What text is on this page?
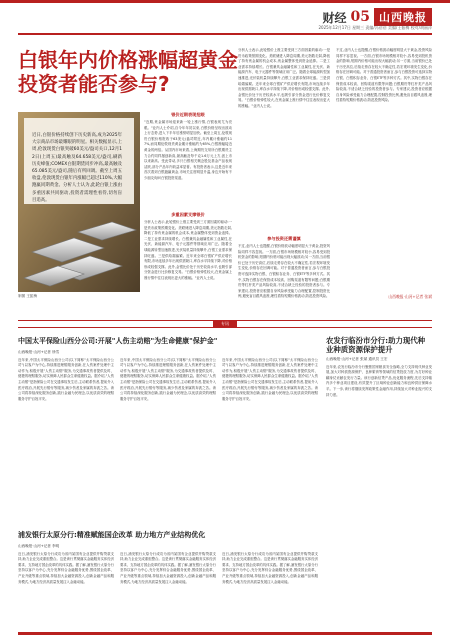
财经 05 山西晚报
2025年12月17日 星期三 责编/冯蓓蓓 美编/王振梅 校对/胡丽萍
白银年内价格涨幅超黄金
投资者能否参与?
近日,白银价格持续创下历史新高,成为2025年大宗商品市场最耀眼的明星。相关数据显示,上周,伦敦现货白银突破60美元/盎司关口,12月12日(上周五)最高触及64.658美元/盎司,刷新历史峰值;COMEX白银期货同步冲高,最高触及65.085美元/盎司,随后有所回调。截至上周五收盘,伦敦现货白银年内涨幅已超过110%,大幅跑赢同期黄金。分析人士认为,此轮白银上涨由多重因素共同驱动,投资者需理性看待,切勿盲目追高。
制图 王振梅
银价近期表现抢眼
"近期,贵金属市场迎来新一轮上涨行情,白银表现尤为亮眼。"业内人士介绍,自今年年初以来,白银价格呈现出波动上行态势,进入下半年后涨势明显加快。截至上周五,伦敦现货白银价格报收于63美元/盎司附近,年内累计涨幅约117%,而同期伦敦现货黄金累计涨幅约为65%,白银涨幅接近黄金的两倍。从国内市场来看,上海期货交易所白银期货主力合约同样屡创新高,最高触及每千克1.6万元上方,创上市以来新高。受此带动,多只白银相关概念股及基金产品表现活跃,部分产品年内收益率显著。有投资者表示,这是近年来首次看到白银跑赢黄金,市场关注度明显升温,身边开始有不少朋友询问白银投资渠道。
多重因素支撑银价
分析人士表示,此轮银价上涨主要受到三方面因素的驱动:一是货币政策预期变化。美联储进入降息周期,美元指数走弱,降低了持有贵金属的机会成本,贵金属整体受到资金追捧。二是工业需求持续增长。白银兼具金融属性和工业属性,在光伏、新能源汽车、电子元器件等领域应用广泛。随着全球能源转型加速推进,光伏装机量持续攀升,白银工业需求保持旺盛。三是供给端偏紧。近年来全球白银矿产供应增长有限,市场连续多年出现供需缺口,库存水平持续下降,对价格形成较强支撑。此外,金银比价处于历史较高水平,也吸引部分资金进行比价修复交易。"白银价格弹性较大,在贵金属上涨行情中往往表现出更大的涨幅。"业内人士说。
分析人士表示,此轮银价上涨主要受到三方面因素的驱动:一是货币政策预期变化。美联储进入降息周期,美元指数走弱,降低了持有贵金属的机会成本,贵金属整体受到资金追捧。二是工业需求持续增长。白银兼具金融属性和工业属性,在光伏、新能源汽车、电子元器件等领域应用广泛。随着全球能源转型加速推进,光伏装机量持续攀升,白银工业需求保持旺盛。三是供给端偏紧。近年来全球白银矿产供应增长有限,市场连续多年出现供需缺口,库存水平持续下降,对价格形成较强支撑。此外,金银比价处于历史较高水平,也吸引部分资金进行比价修复交易。"白银价格弹性较大,在贵金属上涨行情中往往表现出更大的涨幅。"业内人士说。
参与投资还需谨慎
不过,业内人士也提醒,白银价格波动幅度明显大于黄金,投资风险同样不容忽视。一方面,白银市场规模相对较小,容易受到投机资金的影响,短期内价格可能出现大幅波动;另一方面,当前银价已处于历史高位,后续走势存在较大不确定性,若宏观环境发生变化,价格存在回调可能。对于普通投资者而言,参与白银投资可选择实物白银、白银积存业务、白银ETF等多种方式。其中,实物白银存在保管成本较高、回购渠道有限等问题;白银期货等杠杆类产品风险较高,不适合缺乏经验的投资者参与。专家建议,投资者应根据自身风险承受能力合理配置,控制投资比例,避免盲目跟风追涨,理性看待短期价格波动,防范投资风险。
不过,业内人士也提醒,白银价格波动幅度明显大于黄金,投资风险同样不容忽视。一方面,白银市场规模相对较小,容易受到投机资金的影响,短期内价格可能出现大幅波动;另一方面,当前银价已处于历史高位,后续走势存在较大不确定性,若宏观环境发生变化,价格存在回调可能。对于普通投资者而言,参与白银投资可选择实物白银、白银积存业务、白银ETF等多种方式。其中,实物白银存在保管成本较高、回购渠道有限等问题;白银期货等杠杆类产品风险较高,不适合缺乏经验的投资者参与。专家建议,投资者应根据自身风险承受能力合理配置,控制投资比例,避免盲目跟风追涨,理性看待短期价格波动,防范投资风险。
山西晚报·山河+记者 张斌
专讯
中国太平保险山西分公司:开展"人伤主动赔"为生命健康"保护金"
山西晚报·山河+记者 徐雪
近年来,中国太平保险山西分公司(以下简称"太平保险山西分公司")以客户为中心,持续推进理赔服务创新,在人伤案件处理中主动作为,积极开展"人伤主动赔"服务,为交通事故伤者提供及时、便捷的理赔服务,切实保障人民群众生命健康权益。据介绍,"人伤主动赔"是指保险公司在交通事故发生后,主动联系伤者,提前介入医疗救治,开展先行赔付等服务,减少伤者及家属的奔波之苦。该公司将持续深化服务创新,践行金融为民理念,以优质高效的理赔服务守护百姓平安。
近年来,中国太平保险山西分公司(以下简称"太平保险山西分公司")以客户为中心,持续推进理赔服务创新,在人伤案件处理中主动作为,积极开展"人伤主动赔"服务,为交通事故伤者提供及时、便捷的理赔服务,切实保障人民群众生命健康权益。据介绍,"人伤主动赔"是指保险公司在交通事故发生后,主动联系伤者,提前介入医疗救治,开展先行赔付等服务,减少伤者及家属的奔波之苦。该公司将持续深化服务创新,践行金融为民理念,以优质高效的理赔服务守护百姓平安。
近年来,中国太平保险山西分公司(以下简称"太平保险山西分公司")以客户为中心,持续推进理赔服务创新,在人伤案件处理中主动作为,积极开展"人伤主动赔"服务,为交通事故伤者提供及时、便捷的理赔服务,切实保障人民群众生命健康权益。据介绍,"人伤主动赔"是指保险公司在交通事故发生后,主动联系伤者,提前介入医疗救治,开展先行赔付等服务,减少伤者及家属的奔波之苦。该公司将持续深化服务创新,践行金融为民理念,以优质高效的理赔服务守护百姓平安。
浦发银行太原分行:精准赋能国企改革 助力地方产业结构优化
山西晚报·山河+记者 李明
近日,浦发银行太原分行成功为省内某国有企业提供并购贷款支持,助力企业完成重组整合。这是该行贯彻落实金融服务实体经济要求、支持地方国企改革的具体实践。据了解,浦发银行太原分行坚持以客户为中心,充分发挥综合金融服务优势,围绕国企改革、产业升级等重点领域,持续加大金融资源投入,创新金融产品和服务模式,为地方经济高质量发展注入金融动能。
近日,浦发银行太原分行成功为省内某国有企业提供并购贷款支持,助力企业完成重组整合。这是该行贯彻落实金融服务实体经济要求、支持地方国企改革的具体实践。据了解,浦发银行太原分行坚持以客户为中心,充分发挥综合金融服务优势,围绕国企改革、产业升级等重点领域,持续加大金融资源投入,创新金融产品和服务模式,为地方经济高质量发展注入金融动能。
近日,浦发银行太原分行成功为省内某国有企业提供并购贷款支持,助力企业完成重组整合。这是该行贯彻落实金融服务实体经济要求、支持地方国企改革的具体实践。据了解,浦发银行太原分行坚持以客户为中心,充分发挥综合金融服务优势,围绕国企改革、产业升级等重点领域,持续加大金融资源投入,创新金融产品和服务模式,为地方经济高质量发展注入金融动能。
农发行临汾市分行:助力现代种业种质资源保护提升
山西晚报·山河+记者 张斌 通讯员 王宏
近年来,农发行临汾市分行聚焦国家粮食安全战略,全力支持现代种业发展,加大对种质资源保护、良种繁育等领域的信贷投放力度,为打好种业翻身仗贡献农发行力量。该行创新信贷产品,优化服务流程,先后支持辖内多个种业项目建设,有效提升了区域种业创新能力和良种供应保障水平。下一步,该行将继续发挥政策性金融作用,持续加大对种业振兴的支持力度。
